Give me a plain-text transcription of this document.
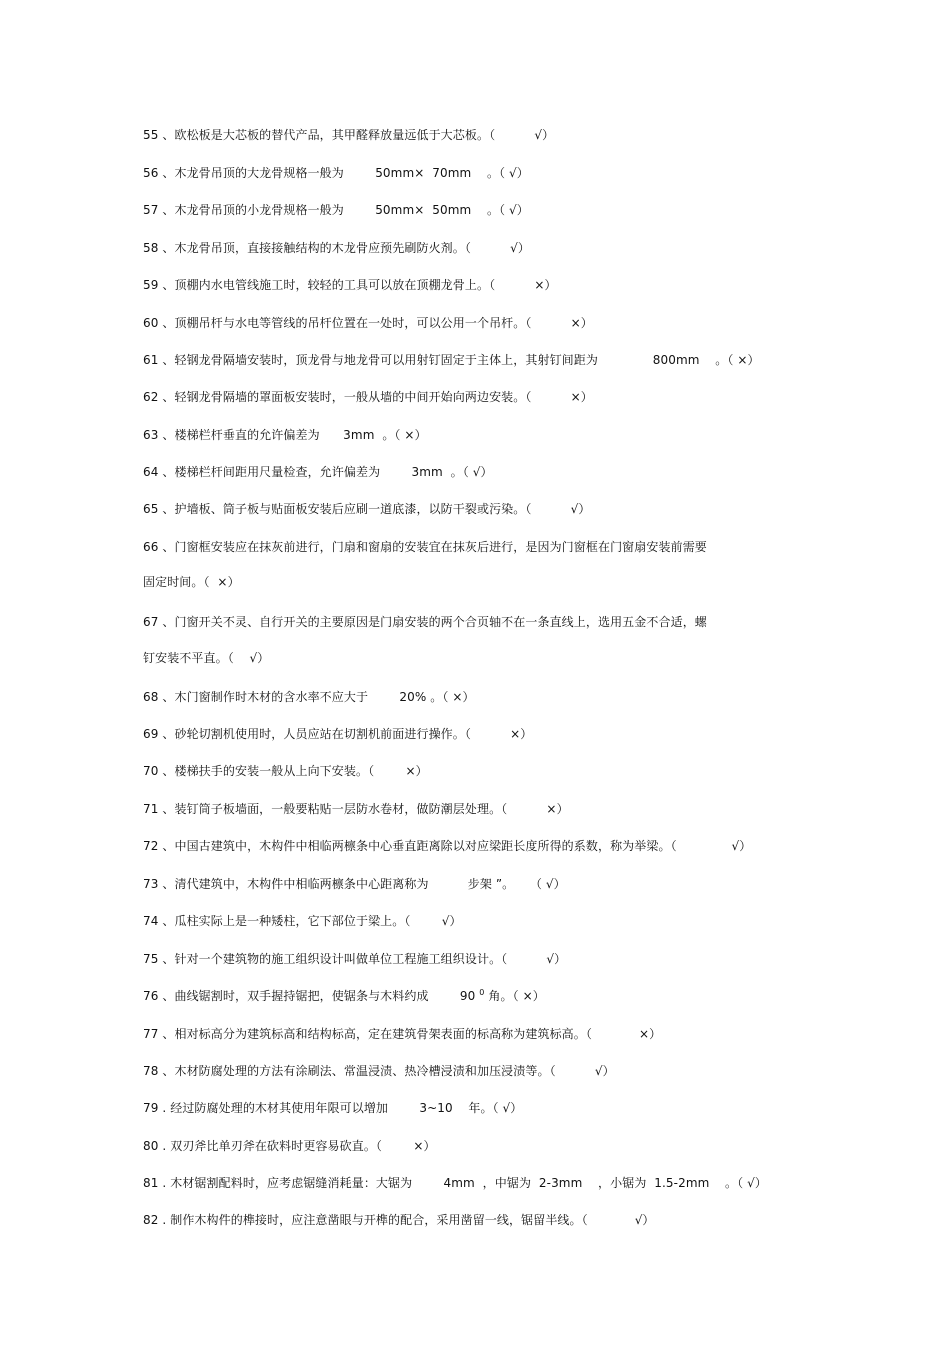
55 、欧松板是大芯板的替代产品，其甲醛释放量远低于大芯板。（          √）
56 、木龙骨吊顶的大龙骨规格一般为        50mm×  70mm    。（ √）
57 、木龙骨吊顶的小龙骨规格一般为        50mm×  50mm    。（ √）
58 、木龙骨吊顶，直接接触结构的木龙骨应预先刷防火剂。（          √）
59 、顶棚内水电管线施工时，较轻的工具可以放在顶棚龙骨上。（          ×）
60 、顶棚吊杆与水电等管线的吊杆位置在一处时，可以公用一个吊杆。（          ×）
61 、轻钢龙骨隔墙安装时，顶龙骨与地龙骨可以用射钉固定于主体上，其射钉间距为              800mm    。（ ×）
62 、轻钢龙骨隔墙的罩面板安装时，一般从墙的中间开始向两边安装。（          ×）
63 、楼梯栏杆垂直的允许偏差为      3mm  。（ ×）
64 、楼梯栏杆间距用尺量检查，允许偏差为        3mm  。（ √）
65 、护墙板、筒子板与贴面板安装后应刷一道底漆，以防干裂或污染。（          √）
66 、门窗框安装应在抹灰前进行，门扇和窗扇的安装宜在抹灰后进行，是因为门窗框在门窗扇安装前需要
固定时间。（  ×）
67 、门窗开关不灵、自行开关的主要原因是门扇安装的两个合页轴不在一条直线上，选用五金不合适，螺
钉安装不平直。（    √）
68 、木门窗制作时木材的含水率不应大于        20% 。（ ×）
69 、砂轮切割机使用时，人员应站在切割机前面进行操作。（          ×）
70 、楼梯扶手的安装一般从上向下安装。（        ×）
71 、装钉筒子板墙面，一般要粘贴一层防水卷材，做防潮层处理。（          ×）
72 、中国古建筑中，木构件中相临两檩条中心垂直距离除以对应梁距长度所得的系数，称为举梁。（              √）
73 、清代建筑中，木构件中相临两檩条中心距离称为          步架 ”。    （ √）
74 、瓜柱实际上是一种矮柱，它下部位于梁上。（        √）
75 、针对一个建筑物的施工组织设计叫做单位工程施工组织设计。（          √）
76 、曲线锯割时，双手握持锯把，使锯条与木料约成        90 $^0$ 角。（ ×）
77 、相对标高分为建筑标高和结构标高，定在建筑骨架表面的标高称为建筑标高。（            ×）
78 、木材防腐处理的方法有涂刷法、常温浸渍、热冷槽浸渍和加压浸渍等。（          √）
79 . 经过防腐处理的木材其使用年限可以增加        3~10    年。（ √）
80 . 双刃斧比单刃斧在砍料时更容易砍直。（        ×）
81 . 木材锯割配料时，应考虑锯缝消耗量：大锯为        4mm  ，中锯为  2-3mm    ，小锯为  1.5-2mm    。（ √）
82 . 制作木构件的榫接时，应注意凿眼与开榫的配合，采用凿留一线，锯留半线。（            √）
